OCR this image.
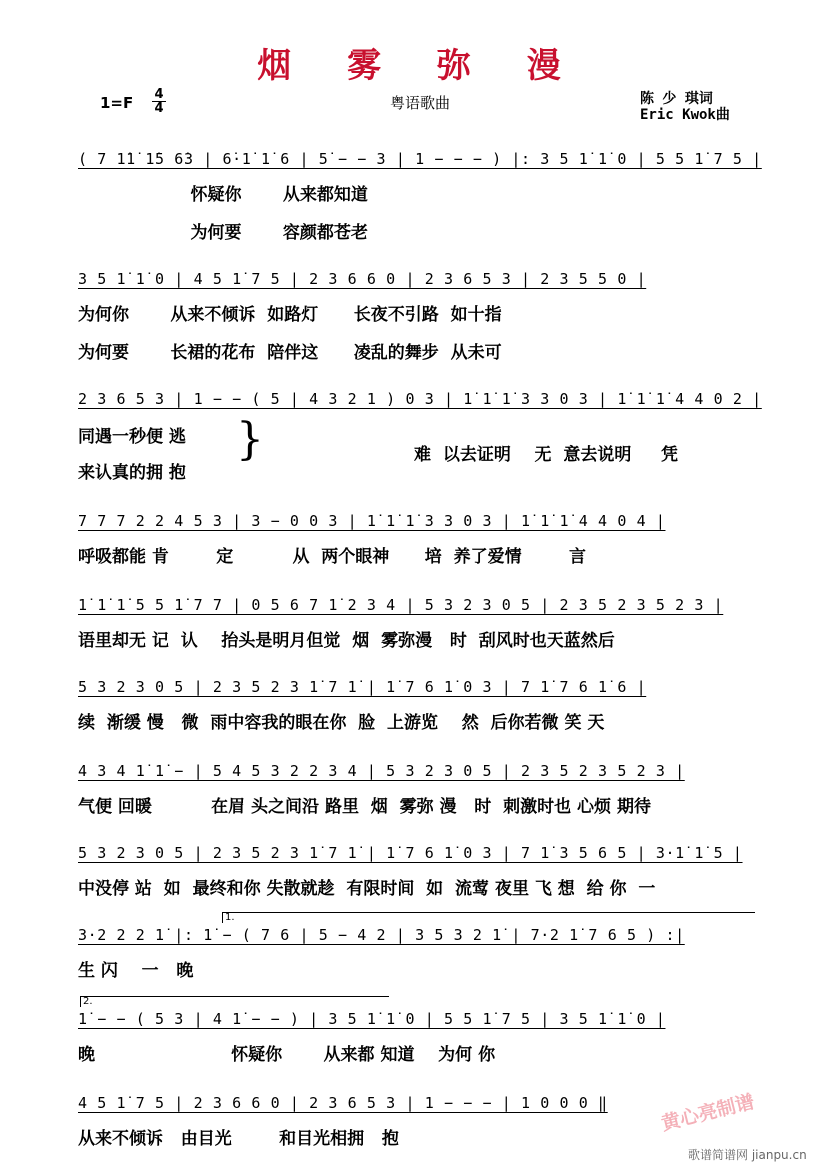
烟 雾 弥 漫
1=F 4
4	粤语歌曲	陈 少 琪词
Eric Kwok曲
( 7 1̇1̇ 1̇5 6̇3 | 6̇·1̇ 1̇ 6 | 5̇ − − 3 | 1 − − − ) |: 3 5 1̇ 1̇ 0 | 5 5 1̇ 7 5 |
怀疑你       从来都知道
为何要       容颜都苍老
3 5 1̇ 1̇ 0 | 4 5 1̇ 7 5 | 2 3 6 6 0 | 2 3 6 5 3 | 2 3 5 5 0 |
为何你       从来不倾诉  如路灯      长夜不引路  如十指
为何要       长裙的花布  陪伴这      凌乱的舞步  从未可
2 3 6 5 3 | 1 − − ( 5 | 4 3 2 1 ) 0 3 | 1̇ 1̇ 1̇ 3 3 0 3 | 1̇ 1̇ 1̇ 4 4 0 2 |
同遇一秒便 逃
来认真的拥 抱
}	难  以去证明    无  意去说明     凭
7 7 7 2 2 4 5 3 | 3 − 0 0 3 | 1̇ 1̇ 1̇ 3 3 0 3 | 1̇ 1̇ 1̇ 4 4 0 4 |
呼吸都能 肯        定          从  两个眼神      培  养了爱情        言
1̇ 1̇ 1̇ 5 5 1̇ 7 7 | 0 5 6 7 1̇ 2 3 4 | 5 3 2 3 0 5 | 2 3 5 2 3 5 2 3 |
语里却无 记  认    抬头是明月但觉  烟  雾弥漫   时  刮风时也天蓝然后
5 3 2 3 0 5 | 2 3 5 2 3 1̇ 7 1̇ | 1̇ 7 6 1̇ 0 3 | 7 1̇ 7 6 1̇ 6 |
续  渐缓 慢   微  雨中容我的眼在你  脸  上游览    然  后你若微 笑 天
4 3 4 1̇ 1̇ − | 5 4 5 3 2 2 3 4 | 5 3 2 3 0 5 | 2 3 5 2 3 5 2 3 |
气便 回暖          在眉 头之间沿 路里  烟  雾弥 漫   时  刺激时也 心烦 期待
5 3 2 3 0 5 | 2 3 5 2 3 1̇ 7 1̇ | 1̇ 7 6 1̇ 0 3 | 7 1̇ 3 5 6 5 | 3·1̇ 1̇ 5 |
中没停 站  如  最终和你 失散就趁  有限时间  如  流莺 夜里 飞 想  给 你  一
1.
3·2 2 2 1̇ |: 1̇ − ( 7 6 | 5 − 4 2 | 3 5 3 2 1̇ | 7·2 1̇ 7 6 5 ) :|
生 闪    一   晚
2.
1̇ − − ( 5 3 | 4 1̇ − − ) | 3 5 1̇ 1̇ 0 | 5 5 1̇ 7 5 | 3 5 1̇ 1̇ 0 |
晚                       怀疑你       从来都 知道    为何 你
4 5 1̇ 7 5 | 2 3 6 6 0 | 2 3 6 5 3 | 1 − − − | 1 0 0 0 ‖
从来不倾诉   由目光        和目光相拥   抱
黄心亮制谱
歌谱简谱网 jianpu.cn
